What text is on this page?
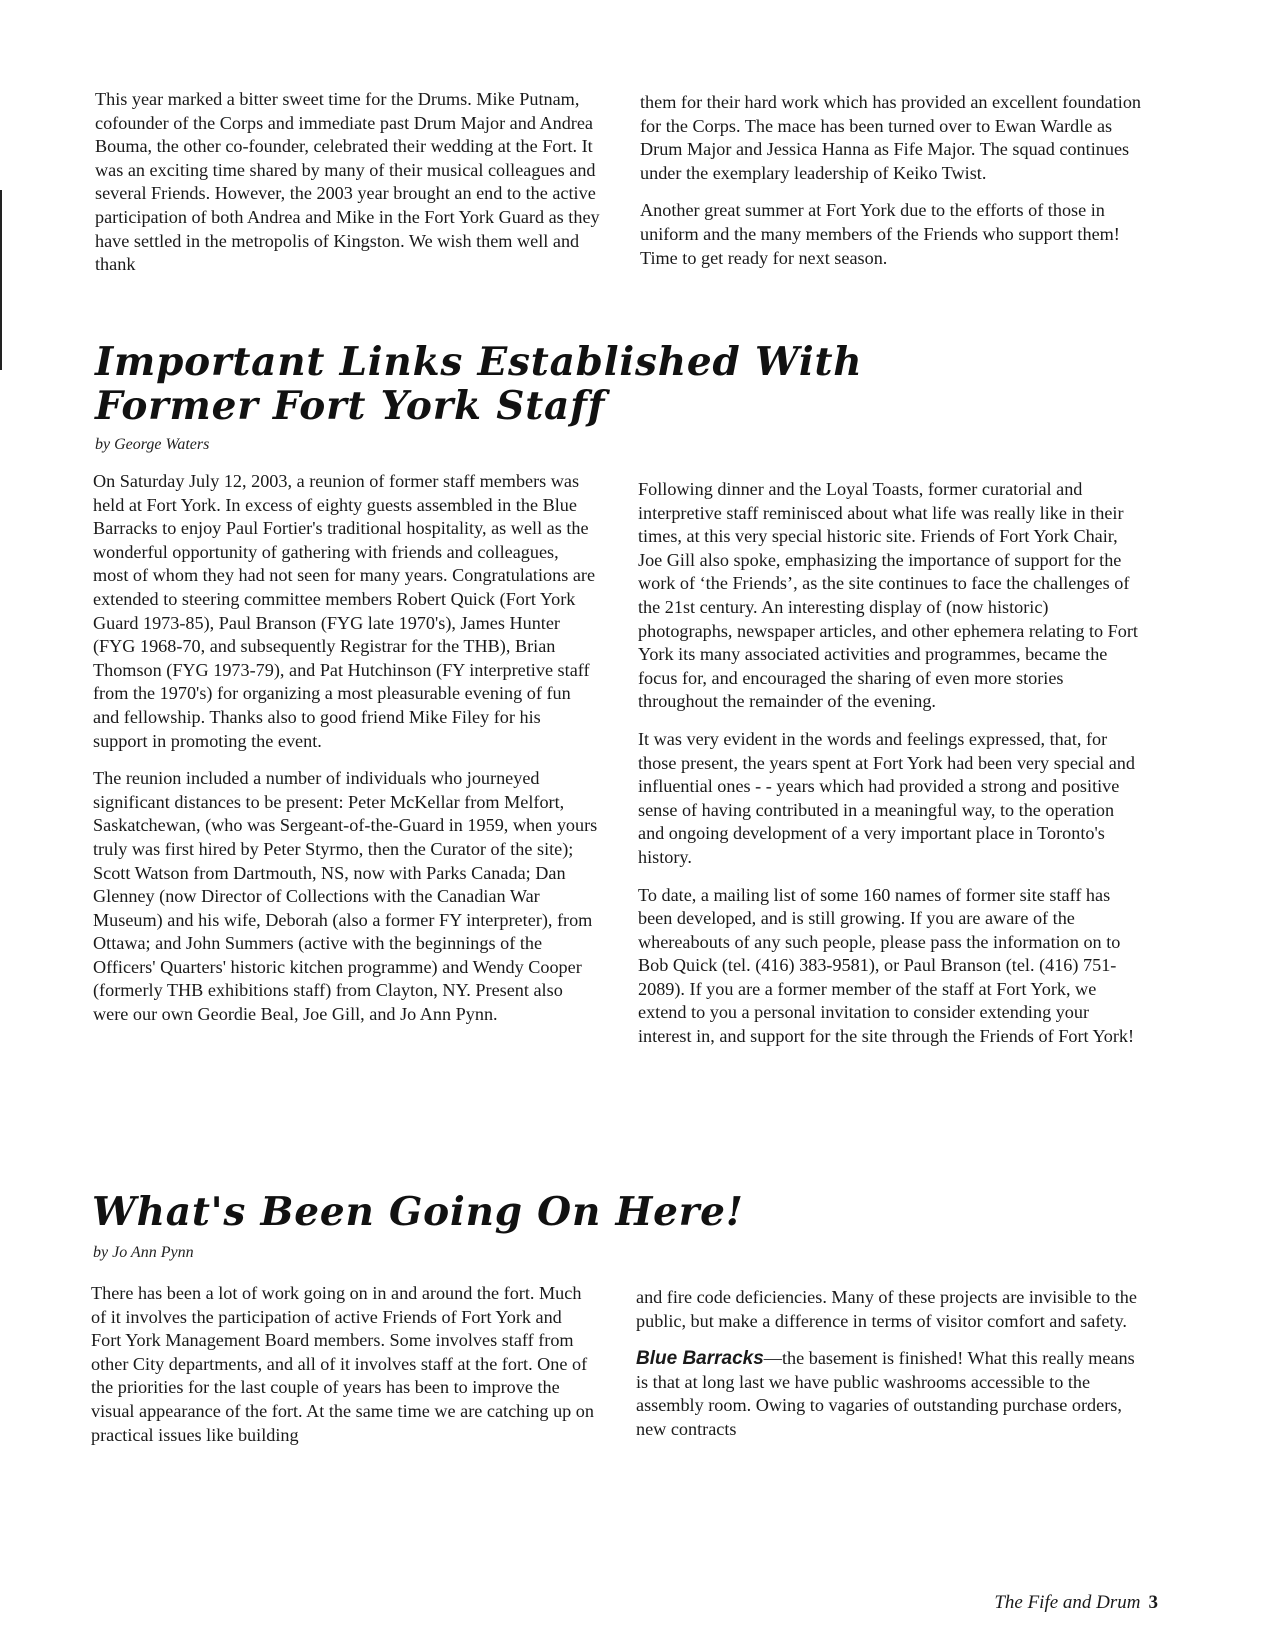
This year marked a bitter sweet time for the Drums. Mike Putnam, cofounder of the Corps and immediate past Drum Major and Andrea Bouma, the other co-founder, celebrated their wedding at the Fort. It was an exciting time shared by many of their musical colleagues and several Friends. However, the 2003 year brought an end to the active participation of both Andrea and Mike in the Fort York Guard as they have settled in the metropolis of Kingston. We wish them well and thank

them for their hard work which has provided an excellent foundation for the Corps. The mace has been turned over to Ewan Wardle as Drum Major and Jessica Hanna as Fife Major. The squad continues under the exemplary leadership of Keiko Twist.

Another great summer at Fort York due to the efforts of those in uniform and the many members of the Friends who support them! Time to get ready for next season.

Important Links Established With
Former Fort York Staff

by George Waters

On Saturday July 12, 2003, a reunion of former staff members was held at Fort York. In excess of eighty guests assembled in the Blue Barracks to enjoy Paul Fortier's traditional hospitality, as well as the wonderful opportunity of gathering with friends and colleagues, most of whom they had not seen for many years. Congratulations are extended to steering committee members Robert Quick (Fort York Guard 1973-85), Paul Branson (FYG late 1970's), James Hunter (FYG 1968-70, and subsequently Registrar for the THB), Brian Thomson (FYG 1973-79), and Pat Hutchinson (FY interpretive staff from the 1970's) for organizing a most pleasurable evening of fun and fellowship. Thanks also to good friend Mike Filey for his support in promoting the event.

The reunion included a number of individuals who journeyed significant distances to be present: Peter McKellar from Melfort, Saskatchewan, (who was Sergeant-of-the-Guard in 1959, when yours truly was first hired by Peter Styrmo, then the Curator of the site); Scott Watson from Dartmouth, NS, now with Parks Canada; Dan Glenney (now Director of Collections with the Canadian War Museum) and his wife, Deborah (also a former FY interpreter), from Ottawa; and John Summers (active with the beginnings of the Officers' Quarters' historic kitchen programme) and Wendy Cooper (formerly THB exhibitions staff) from Clayton, NY. Present also were our own Geordie Beal, Joe Gill, and Jo Ann Pynn.

Following dinner and the Loyal Toasts, former curatorial and interpretive staff reminisced about what life was really like in their times, at this very special historic site. Friends of Fort York Chair, Joe Gill also spoke, emphasizing the importance of support for the work of ‘the Friends’, as the site continues to face the challenges of the 21st century. An interesting display of (now historic) photographs, newspaper articles, and other ephemera relating to Fort York its many associated activities and programmes, became the focus for, and encouraged the sharing of even more stories throughout the remainder of the evening.

It was very evident in the words and feelings expressed, that, for those present, the years spent at Fort York had been very special and influential ones - - years which had provided a strong and positive sense of having contributed in a meaningful way, to the operation and ongoing development of a very important place in Toronto's history.

To date, a mailing list of some 160 names of former site staff has been developed, and is still growing. If you are aware of the whereabouts of any such people, please pass the information on to Bob Quick (tel. (416) 383-9581), or Paul Branson (tel. (416) 751-2089). If you are a former member of the staff at Fort York, we extend to you a personal invitation to consider extending your interest in, and support for the site through the Friends of Fort York!

What's Been Going On Here!

by Jo Ann Pynn

There has been a lot of work going on in and around the fort. Much of it involves the participation of active Friends of Fort York and Fort York Management Board members. Some involves staff from other City departments, and all of it involves staff at the fort. One of the priorities for the last couple of years has been to improve the visual appearance of the fort. At the same time we are catching up on practical issues like building

and fire code deficiencies. Many of these projects are invisible to the public, but make a difference in terms of visitor comfort and safety.

Blue Barracks—the basement is finished! What this really means is that at long last we have public washrooms accessible to the assembly room. Owing to vagaries of outstanding purchase orders, new contracts

The Fife and Drum 3
